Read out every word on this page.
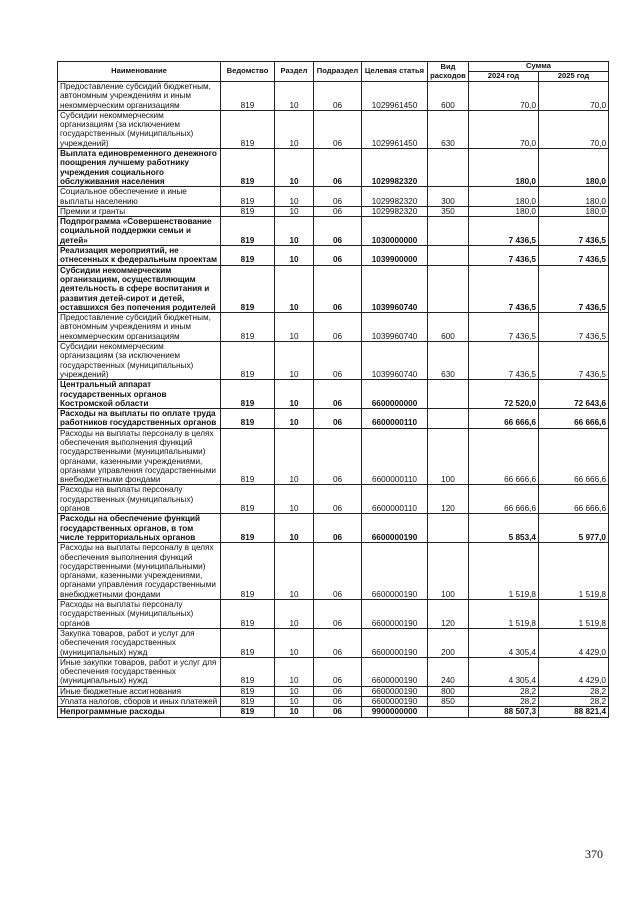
Наименование	Ведомство	Раздел	Подраздел	Целевая статья	Вид расходов	Сумма	
						2024 год	2025 год
Предоставление субсидий бюджетным, автономным учреждениям и иным некоммерческим организациям	819	10	06	1029961450	600	70,0	70,0
Субсидии некоммерческим организациям (за исключением государственных (муниципальных) учреждений)	819	10	06	1029961450	630	70,0	70,0
Выплата единовременного денежного поощрения лучшему работнику учреждения социального обслуживания населения	819	10	06	1029982320		180,0	180,0
Социальное обеспечение и иные выплаты населению	819	10	06	1029982320	300	180,0	180,0
Премии и гранты	819	10	06	1029982320	350	180,0	180,0
Подпрограмма «Совершенствование социальной поддержки семьи и детей»	819	10	06	1030000000		7 436,5	7 436,5
Реализация мероприятий, не отнесенных к федеральным проектам	819	10	06	1039900000		7 436,5	7 436,5
Субсидии некоммерческим организациям, осуществляющим деятельность в сфере воспитания и развития детей-сирот и детей, оставшихся без попечения родителей	819	10	06	1039960740		7 436,5	7 436,5
Предоставление субсидий бюджетным, автономным учреждениям и иным некоммерческим организациям	819	10	06	1039960740	600	7 436,5	7 436,5
Субсидии некоммерческим организациям (за исключением государственных (муниципальных) учреждений)	819	10	06	1039960740	630	7 436,5	7 436,5
Центральный аппарат государственных органов Костромской области	819	10	06	6600000000		72 520,0	72 643,6
Расходы на выплаты по оплате труда работников государственных органов	819	10	06	6600000110		66 666,6	66 666,6
Расходы на выплаты персоналу в целях обеспечения выполнения функций государственными (муниципальными) органами, казенными учреждениями, органами управления государственными внебюджетными фондами	819	10	06	6600000110	100	66 666,6	66 666,6
Расходы на выплаты персоналу государственных (муниципальных) органов	819	10	06	6600000110	120	66 666,6	66 666,6
Расходы на обеспечение функций государственных органов, в том числе территориальных органов	819	10	06	6600000190		5 853,4	5 977,0
Расходы на выплаты персоналу в целях обеспечения выполнения функций государственными (муниципальными) органами, казенными учреждениями, органами управления государственными внебюджетными фондами	819	10	06	6600000190	100	1 519,8	1 519,8
Расходы на выплаты персоналу государственных (муниципальных) органов	819	10	06	6600000190	120	1 519,8	1 519,8
Закупка товаров, работ и услуг для обеспечения государственных (муниципальных) нужд	819	10	06	6600000190	200	4 305,4	4 429,0
Иные закупки товаров, работ и услуг для обеспечения государственных (муниципальных) нужд	819	10	06	6600000190	240	4 305,4	4 429,0
Иные бюджетные ассигнования	819	10	06	6600000190	800	28,2	28,2
Уплата налогов, сборов и иных платежей	819	10	06	6600000190	850	28,2	28,2
Непрограммные расходы	819	10	06	9900000000		88 507,3	88 821,4
370
